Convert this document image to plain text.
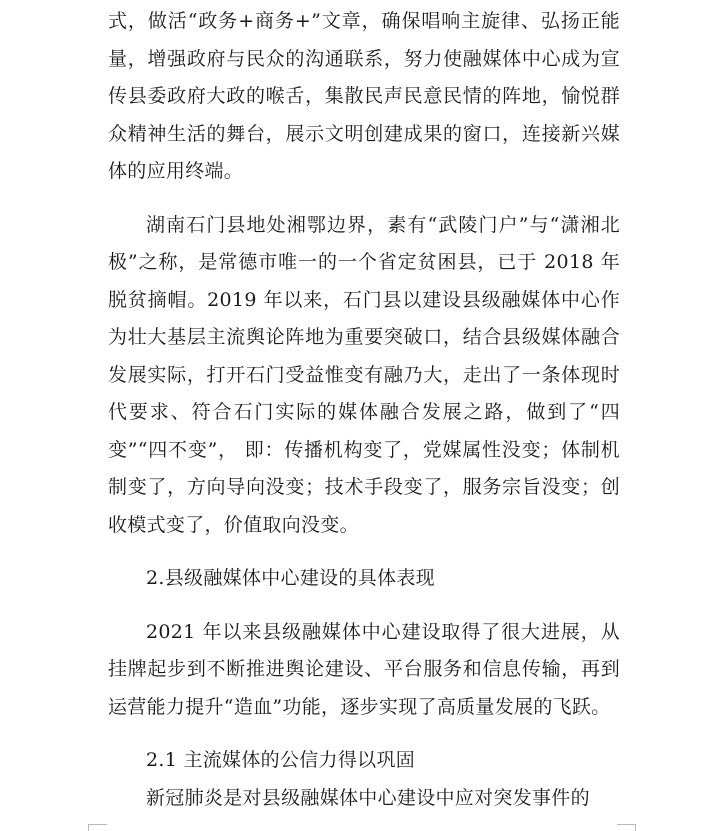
式，做活“政务+商务+”文章，确保唱响主旋律、弘扬正能量，增强政府与民众的沟通联系，努力使融媒体中心成为宣传县委政府大政的喉舌，集散民声民意民情的阵地，愉悦群众精神生活的舞台，展示文明创建成果的窗口，连接新兴媒体的应用终端。

湖南石门县地处湘鄂边界，素有“武陵门户”与“潇湘北极”之称，是常德市唯一的一个省定贫困县，已于 2018 年脱贫摘帽。2019 年以来，石门县以建设县级融媒体中心作为壮大基层主流舆论阵地为重要突破口，结合县级媒体融合发展实际，打开石门受益惟变有融乃大，走出了一条体现时代要求、符合石门实际的媒体融合发展之路，做到了“四变”“四不变”， 即：传播机构变了，党媒属性没变；体制机制变了，方向导向没变；技术手段变了，服务宗旨没变；创收模式变了，价值取向没变。

2.县级融媒体中心建设的具体表现

2021 年以来县级融媒体中心建设取得了很大进展，从挂牌起步到不断推进舆论建设、平台服务和信息传输，再到运营能力提升“造血”功能，逐步实现了高质量发展的飞跃。

2.1 主流媒体的公信力得以巩固

新冠肺炎是对县级融媒体中心建设中应对突发事件的
